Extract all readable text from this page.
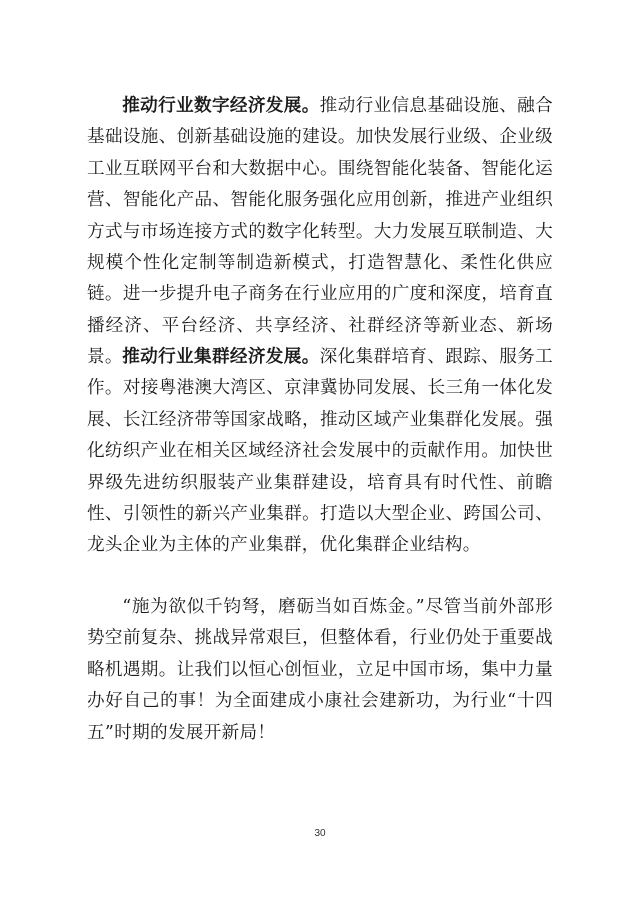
推动行业数字经济发展。推动行业信息基础设施、融合基础设施、创新基础设施的建设。加快发展行业级、企业级工业互联网平台和大数据中心。围绕智能化装备、智能化运营、智能化产品、智能化服务强化应用创新，推进产业组织方式与市场连接方式的数字化转型。大力发展互联制造、大规模个性化定制等制造新模式，打造智慧化、柔性化供应链。进一步提升电子商务在行业应用的广度和深度，培育直播经济、平台经济、共享经济、社群经济等新业态、新场景。 推动行业集群经济发展。深化集群培育、跟踪、服务工作。对接粤港澳大湾区、京津冀协同发展、长三角一体化发展、长江经济带等国家战略，推动区域产业集群化发展。强化纺织产业在相关区域经济社会发展中的贡献作用。加快世界级先进纺织服装产业集群建设，培育具有时代性、前瞻性、引领性的新兴产业集群。打造以大型企业、跨国公司、龙头企业为主体的产业集群，优化集群企业结构。

“施为欲似千钧弩，磨砺当如百炼金。”尽管当前外部形势空前复杂、挑战异常艰巨，但整体看，行业仍处于重要战略机遇期。让我们以恒心创恒业，立足中国市场，集中力量办好自己的事！为全面建成小康社会建新功，为行业“十四五”时期的发展开新局！

30
